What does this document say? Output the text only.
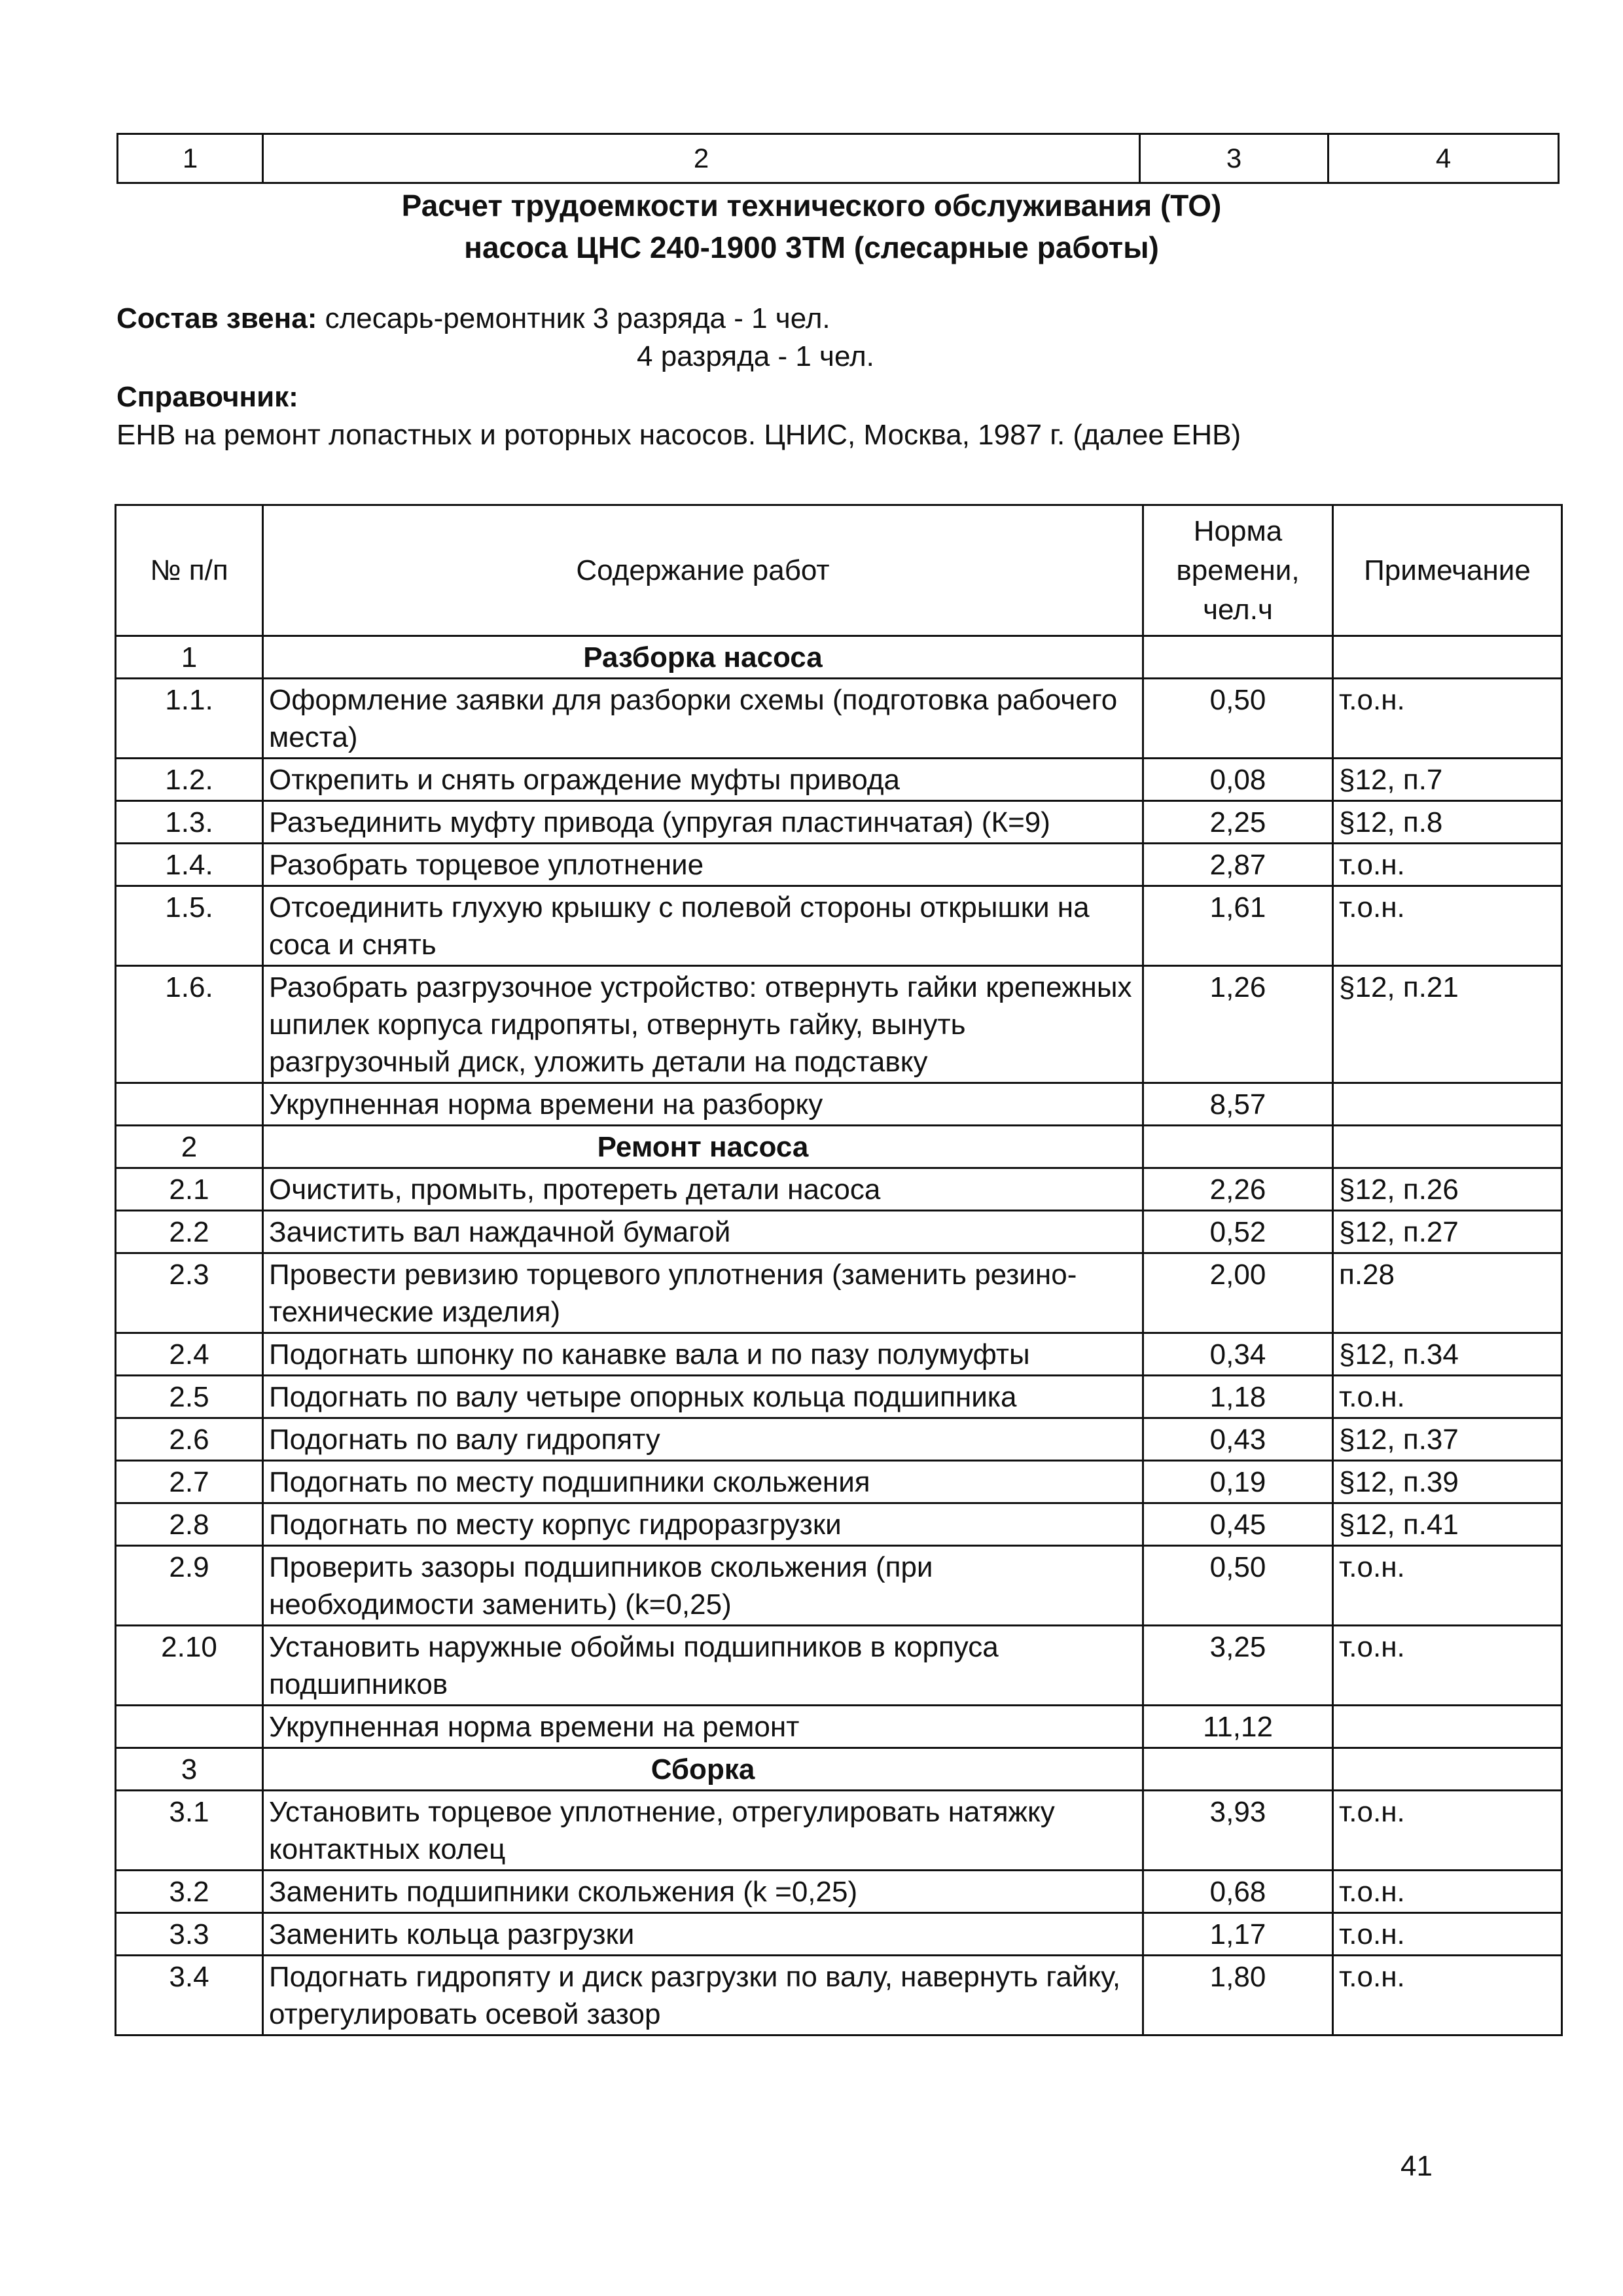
1	2	3	4
Расчет трудоемкости технического обслуживания (ТО)
насоса ЦНС 240-1900 3ТМ (слесарные работы)
Состав звена: слесарь-ремонтник 3 разряда - 1 чел.
4 разряда - 1 чел.
Справочник:
ЕНВ на ремонт лопастных и роторных насосов. ЦНИС, Москва, 1987 г. (далее ЕНВ)
№ п/п	Содержание работ	Норма времени, чел.ч	Примечание
1	Разборка насоса		
1.1.	Оформление заявки для разборки схемы (подготовка рабочего места)	0,50	т.о.н.
1.2.	Открепить и снять ограждение муфты привода	0,08	§12, п.7
1.3.	Разъединить муфту привода (упругая пластинчатая) (К=9)	2,25	§12, п.8
1.4.	Разобрать торцевое уплотнение	2,87	т.о.н.
1.5.	Отсоединить глухую крышку с полевой стороны открышки на соса и снять	1,61	т.о.н.
1.6.	Разобрать разгрузочное устройство: отвернуть гайки крепежных шпилек корпуса гидропяты, отвернуть гайку, вынуть разгрузочный диск, уложить детали на подставку	1,26	§12, п.21
	Укрупненная норма времени на разборку	8,57	
2	Ремонт насоса		
2.1	Очистить, промыть, протереть детали насоса	2,26	§12, п.26
2.2	Зачистить вал наждачной бумагой	0,52	§12, п.27
2.3	Провести ревизию торцевого уплотнения (заменить резино-технические изделия)	2,00	п.28
2.4	Подогнать шпонку по канавке вала и по пазу полумуфты	0,34	§12, п.34
2.5	Подогнать по валу четыре опорных кольца подшипника	1,18	т.о.н.
2.6	Подогнать по валу гидропяту	0,43	§12, п.37
2.7	Подогнать по месту подшипники скольжения	0,19	§12, п.39
2.8	Подогнать по месту корпус гидроразгрузки	0,45	§12, п.41
2.9	Проверить зазоры подшипников скольжения (при необходимости заменить) (k=0,25)	0,50	т.о.н.
2.10	Установить наружные обоймы подшипников в корпуса подшипников	3,25	т.о.н.
	Укрупненная норма времени на ремонт	11,12	
3	Сборка		
3.1	Установить торцевое уплотнение, отрегулировать натяжку контактных колец	3,93	т.о.н.
3.2	Заменить подшипники скольжения (k =0,25)	0,68	т.о.н.
3.3	Заменить кольца разгрузки	1,17	т.о.н.
3.4	Подогнать гидропяту и диск разгрузки по валу, навернуть гайку, отрегулировать осевой зазор	1,80	т.о.н.
41
